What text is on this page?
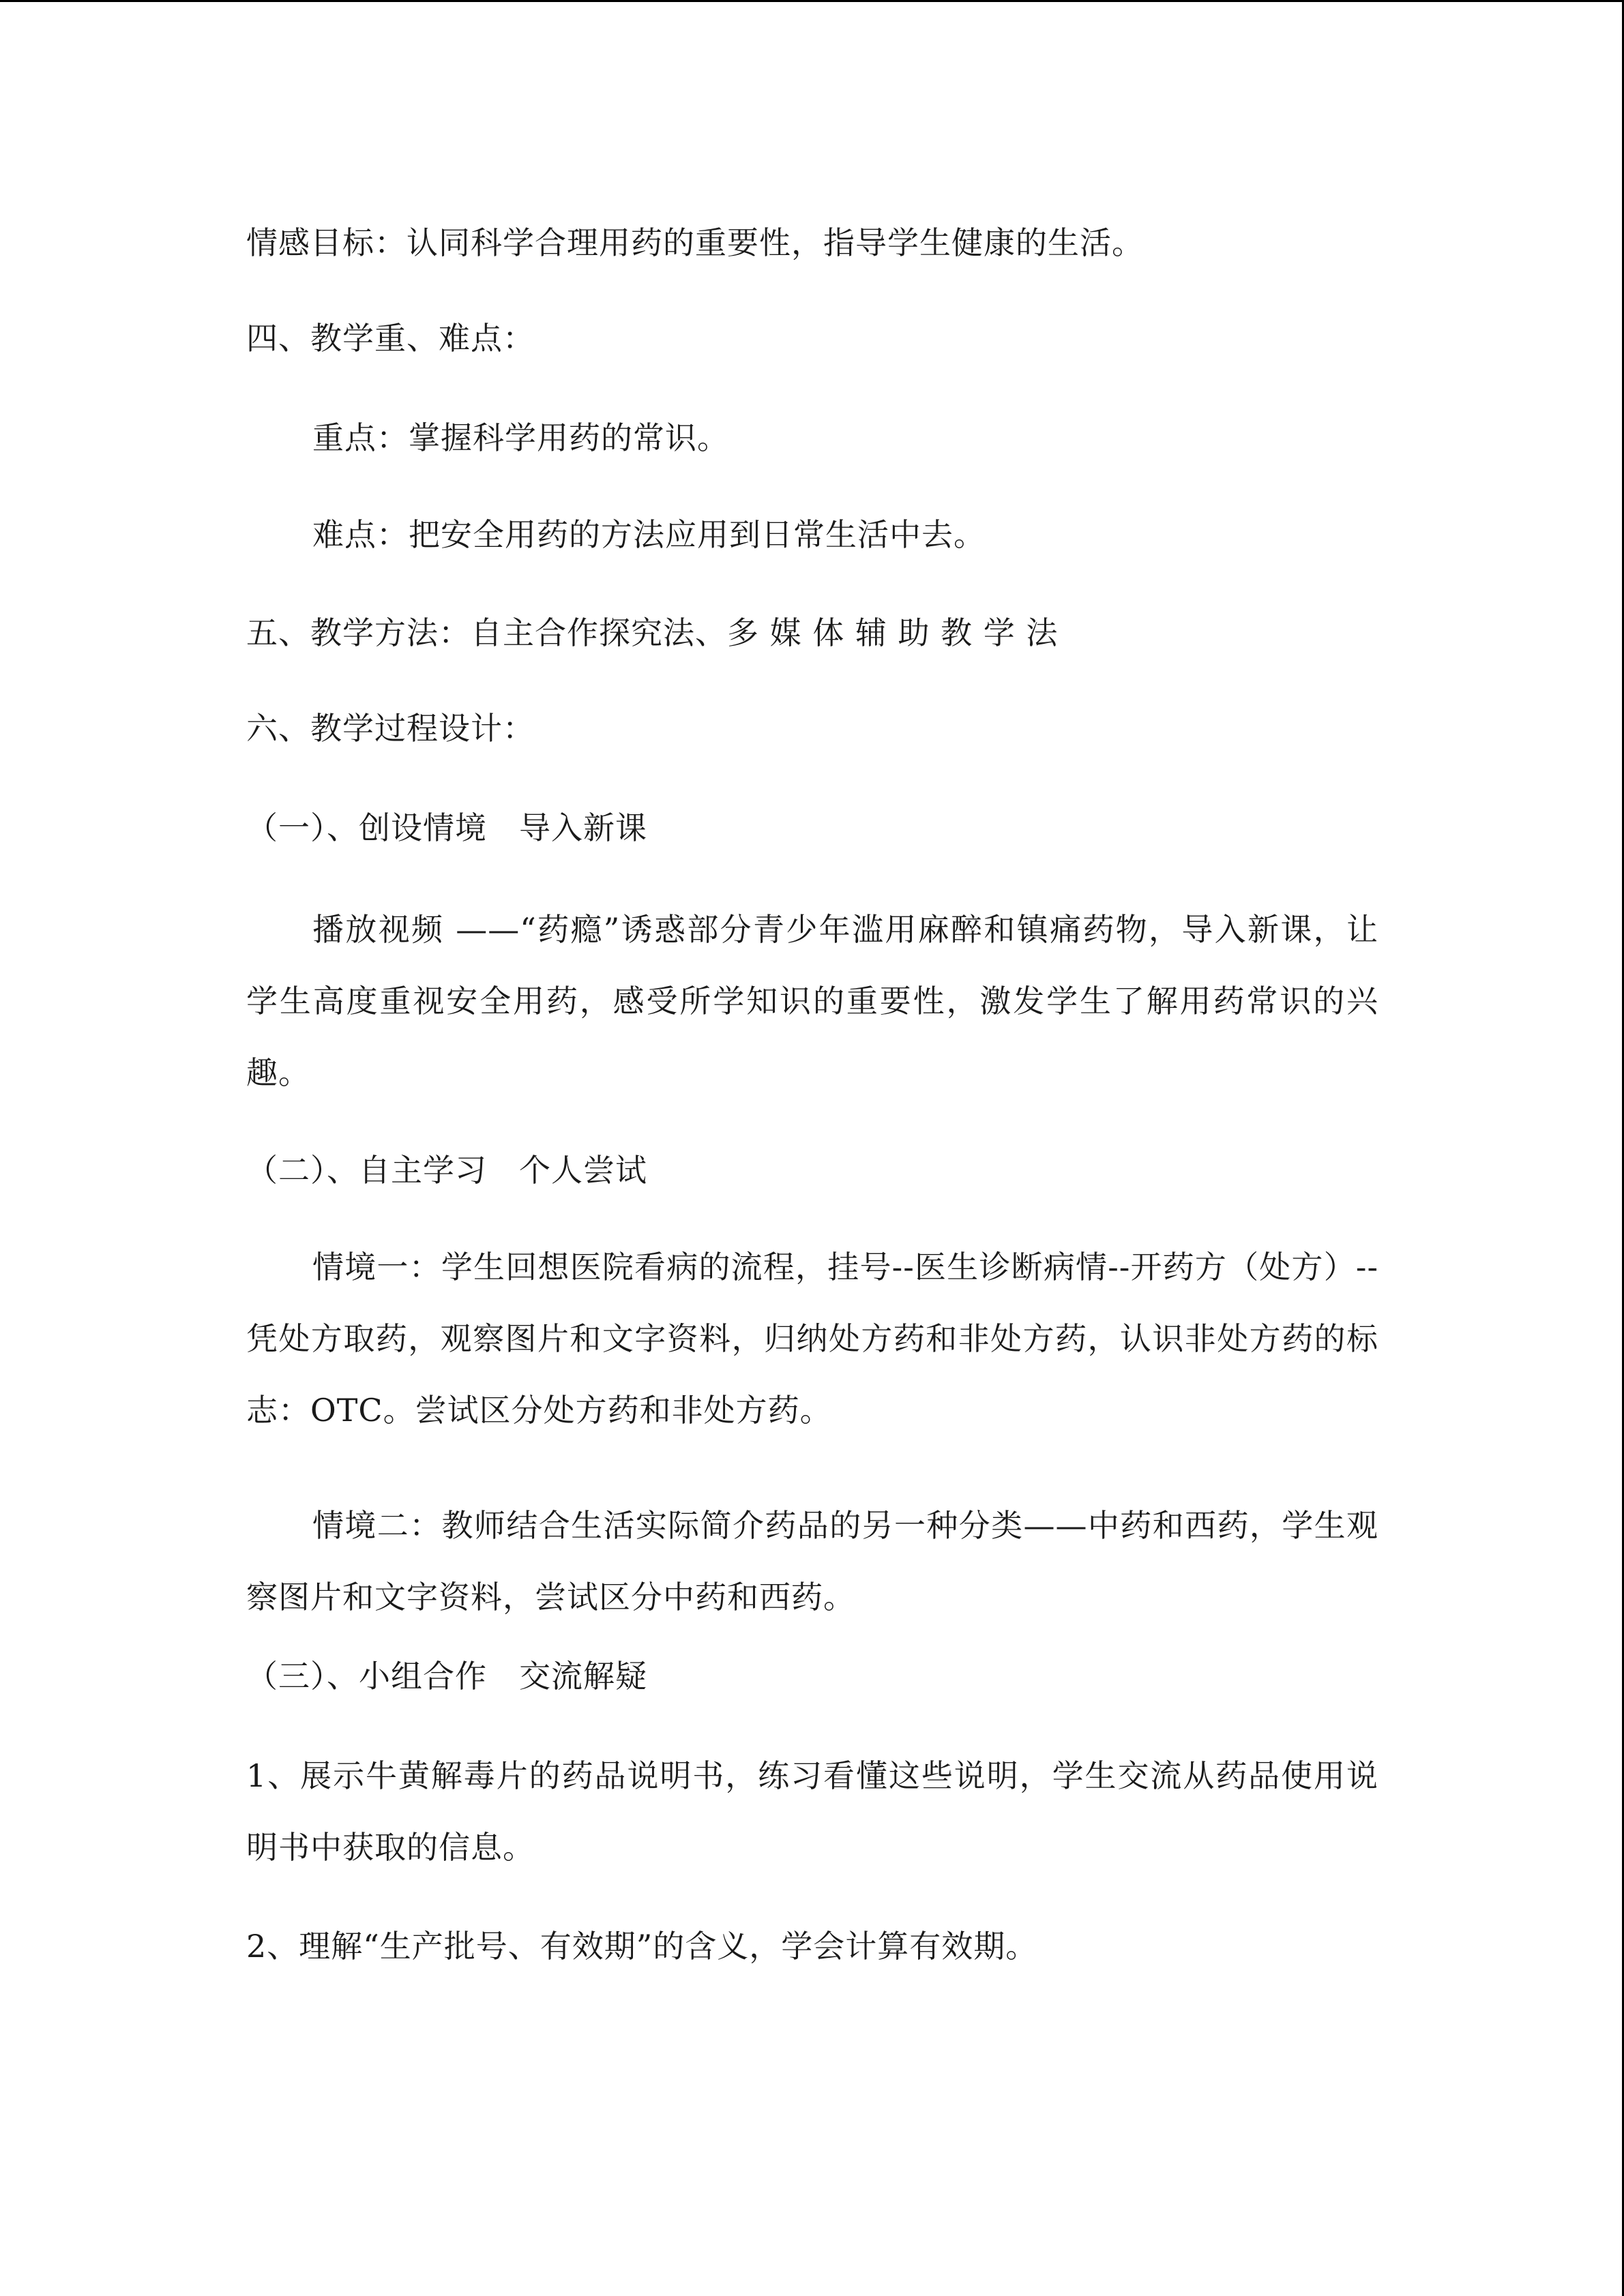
情感目标：认同科学合理用药的重要性，指导学生健康的生活。
四、教学重、难点：
重点：掌握科学用药的常识。
难点：把安全用药的方法应用到日常生活中去。
五、教学方法：自主合作探究法、多 媒 体 辅 助 教 学 法
六、教学过程设计：
（一）、创设情境　导入新课
播放视频 ——“药瘾”诱惑部分青少年滥用麻醉和镇痛药物，导入新课，让学生高度重视安全用药，感受所学知识的重要性，激发学生了解用药常识的兴趣。
（二）、自主学习　个人尝试
情境一：学生回想医院看病的流程，挂号--医生诊断病情--开药方（处方）--凭处方取药，观察图片和文字资料，归纳处方药和非处方药，认识非处方药的标志：OTC。尝试区分处方药和非处方药。
情境二：教师结合生活实际简介药品的另一种分类——中药和西药，学生观察图片和文字资料，尝试区分中药和西药。
（三）、小组合作　交流解疑
1、展示牛黄解毒片的药品说明书，练习看懂这些说明，学生交流从药品使用说明书中获取的信息。
2、理解“生产批号、有效期”的含义，学会计算有效期。
